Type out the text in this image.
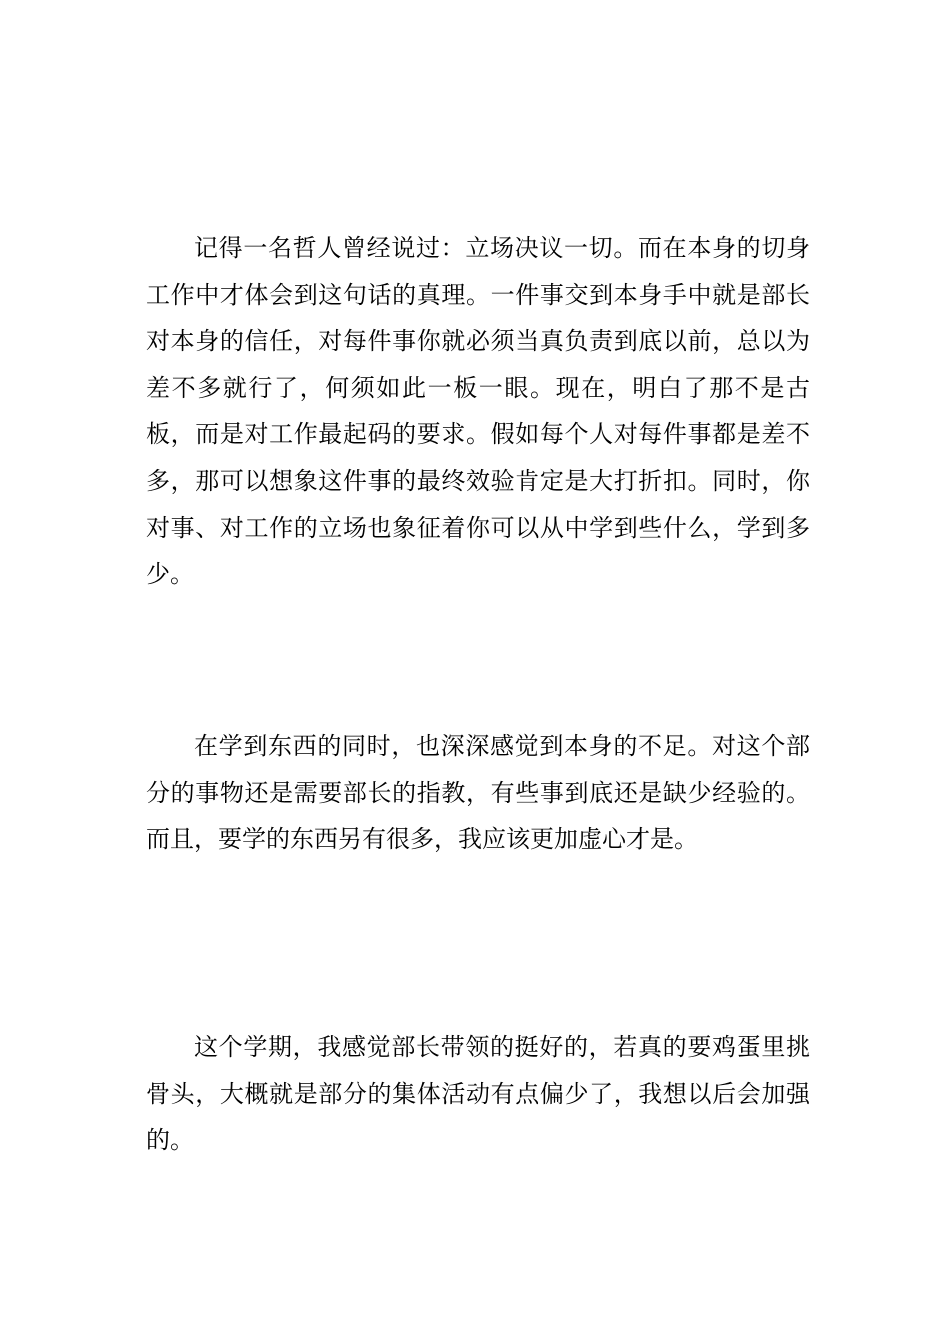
记得一名哲人曾经说过：立场决议一切。而在本身的切身工作中才体会到这句话的真理。一件事交到本身手中就是部长对本身的信任，对每件事你就必须当真负责到底以前，总以为差不多就行了，何须如此一板一眼。现在，明白了那不是古板，而是对工作最起码的要求。假如每个人对每件事都是差不多，那可以想象这件事的最终效验肯定是大打折扣。同时，你对事、对工作的立场也象征着你可以从中学到些什么，学到多少。

在学到东西的同时，也深深感觉到本身的不足。对这个部分的事物还是需要部长的指教，有些事到底还是缺少经验的。而且，要学的东西另有很多，我应该更加虚心才是。

这个学期，我感觉部长带领的挺好的，若真的要鸡蛋里挑骨头，大概就是部分的集体活动有点偏少了，我想以后会加强的。
